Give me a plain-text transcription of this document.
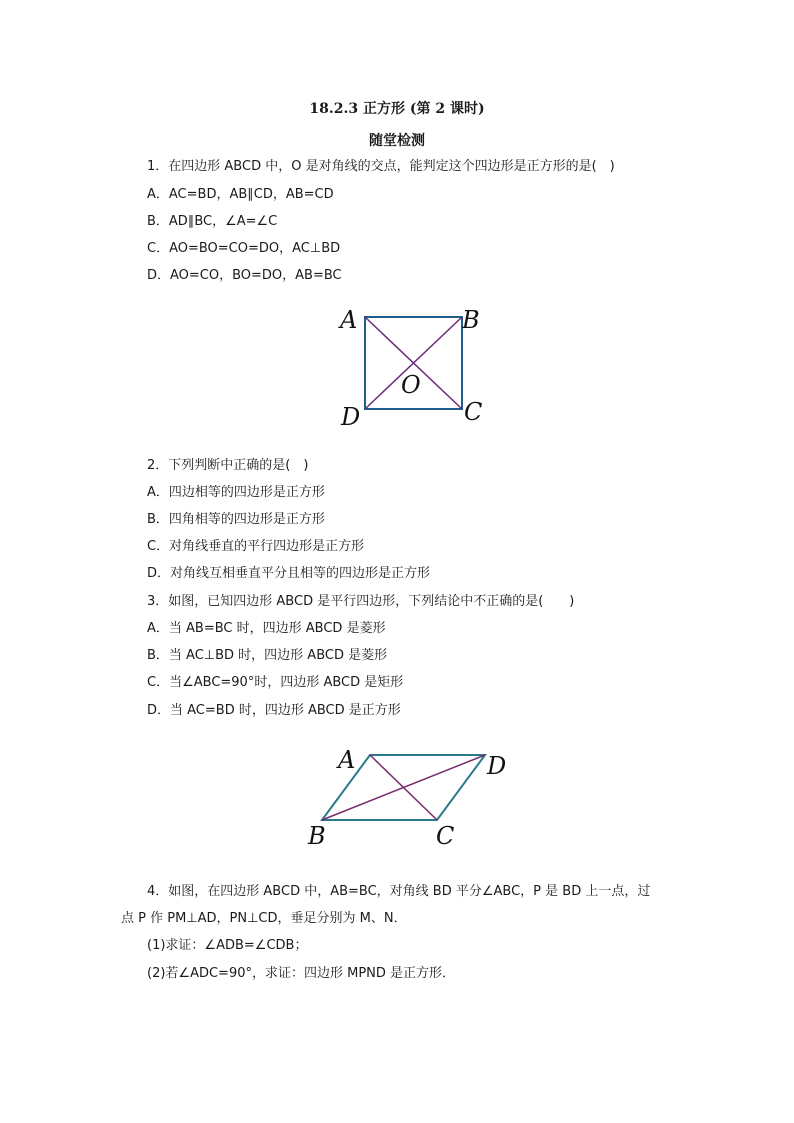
18.2.3 正方形 (第 2 课时)
随堂检测
1．在四边形 ABCD 中，O 是对角线的交点，能判定这个四边形是正方形的是(　)
A．AC=BD，AB∥CD，AB=CD
B．AD∥BC，∠A=∠C
C．AO=BO=CO=DO，AC⊥BD
D．AO=CO，BO=DO，AB=BC
A	B
C
D
O
2．下列判断中正确的是(　)
A．四边相等的四边形是正方形
B．四角相等的四边形是正方形
C．对角线垂直的平行四边形是正方形
D．对角线互相垂直平分且相等的四边形是正方形
3．如图，已知四边形 ABCD 是平行四边形，下列结论中不正确的是(　　)
A．当 AB=BC 时，四边形 ABCD 是菱形
B．当 AC⊥BD 时，四边形 ABCD 是菱形
C．当∠ABC=90°时，四边形 ABCD 是矩形
D．当 AC=BD 时，四边形 ABCD 是正方形
A	D
B	C
4．如图，在四边形 ABCD 中，AB=BC，对角线 BD 平分∠ABC，P 是 BD 上一点，过
点 P 作 PM⊥AD，PN⊥CD，垂足分别为 M、N．
(1)求证：∠ADB=∠CDB；
(2)若∠ADC=90°，求证：四边形 MPND 是正方形．
